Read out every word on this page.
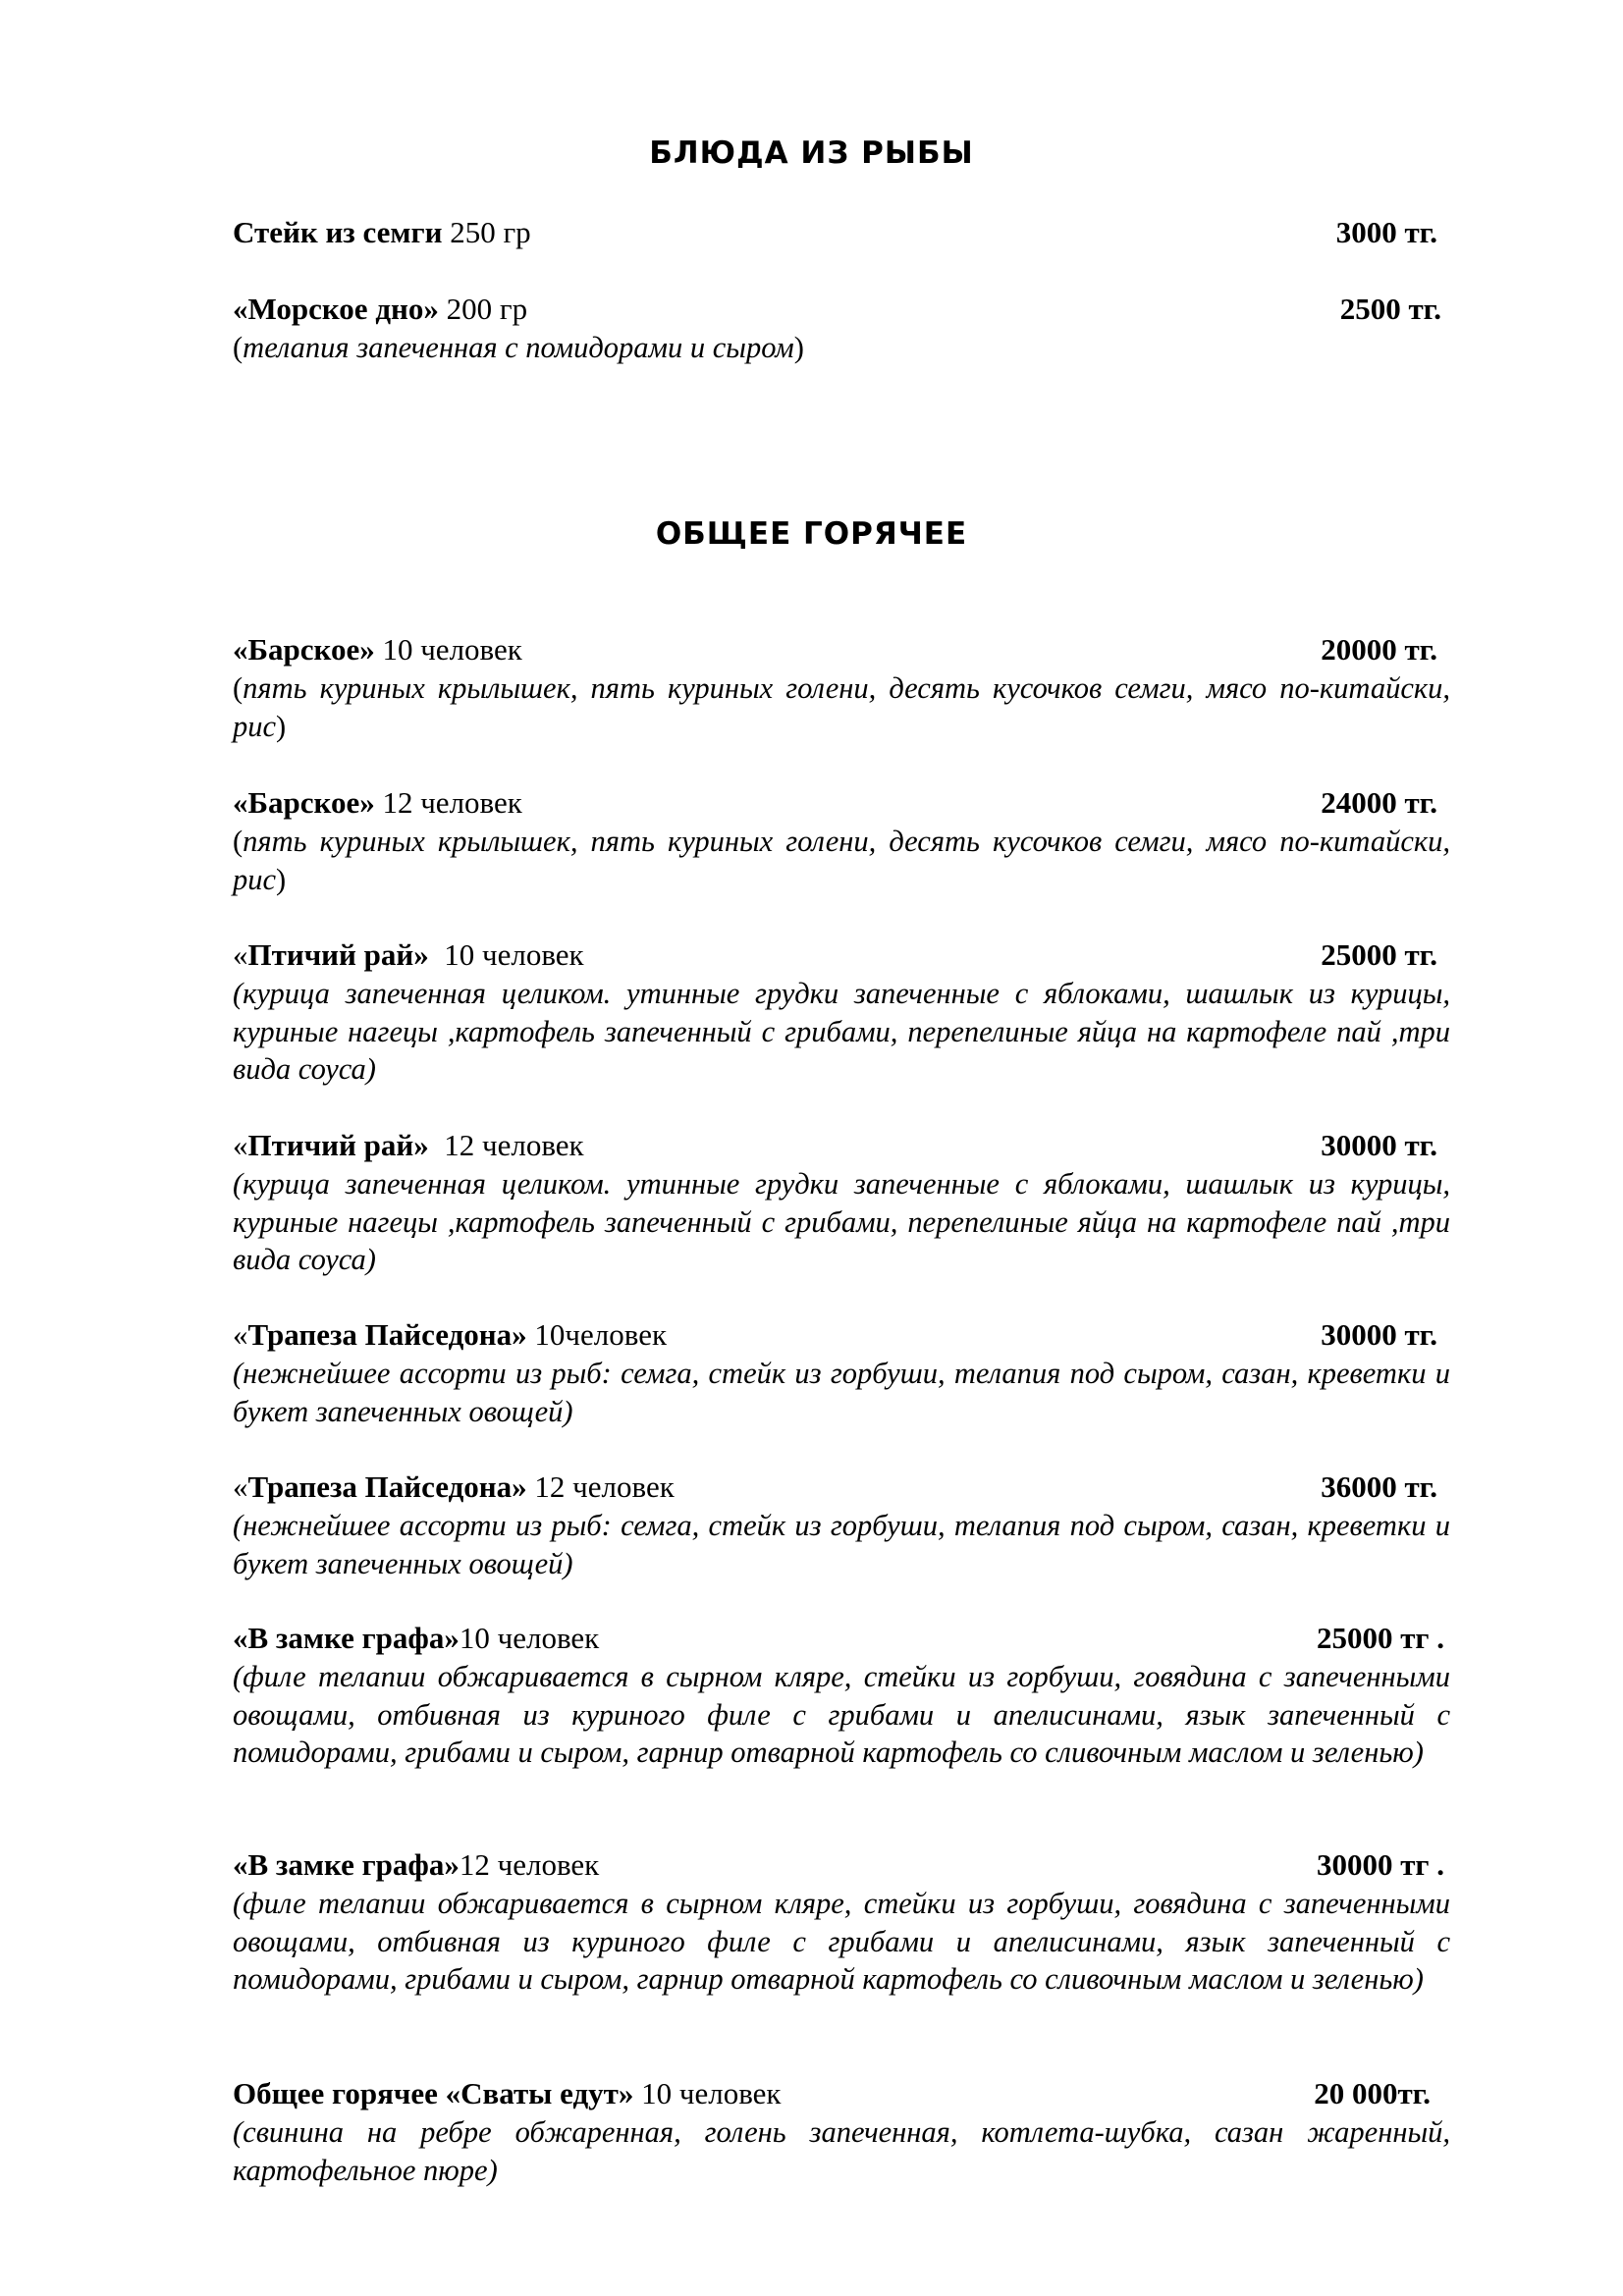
БЛЮДА ИЗ РЫБЫ
Стейк из семги 250 гр	3000 тг.
«Морское дно» 200 гр	2500 тг.

(телапия запеченная с помидорами и сыром)

ОБЩЕЕ ГОРЯЧЕЕ
«Барское» 10 человек	20000 тг.

(пять куриных крылышек, пять куриных голени, десять кусочков семги, мясо по-китайски, рис)

«Барское» 12 человек	24000 тг.

(пять куриных крылышек, пять куриных голени, десять кусочков семги, мясо по-китайски, рис)

«Птичий рай»  10 человек	25000 тг.

(курица запеченная целиком. утинные грудки запеченные с яблоками, шашлык из курицы, куриные нагецы ,картофель запеченный с грибами, перепелиные яйца на картофеле пай ,три вида соуса)

«Птичий рай»  12 человек	30000 тг.

(курица запеченная целиком. утинные грудки запеченные с яблоками, шашлык из курицы, куриные нагецы ,картофель запеченный с грибами, перепелиные яйца на картофеле пай ,три вида соуса)

«Трапеза Пайседона» 10человек	30000 тг.

(нежнейшее ассорти из рыб: семга, стейк из горбуши, телапия под сыром, сазан, креветки и букет запеченных овощей)

«Трапеза Пайседона» 12 человек	36000 тг.

(нежнейшее ассорти из рыб: семга, стейк из горбуши, телапия под сыром, сазан, креветки и букет запеченных овощей)

«В замке графа»10 человек	25000 тг .

(филе телапии обжаривается в сырном кляре, стейки из горбуши, говядина с запеченными овощами, отбивная из куриного филе с грибами и апелисинами, язык запеченный с помидорами, грибами и сыром, гарнир отварной картофель со сливочным маслом и зеленью)

«В замке графа»12 человек	30000 тг .

(филе телапии обжаривается в сырном кляре, стейки из горбуши, говядина с запеченными овощами, отбивная из куриного филе с грибами и апелисинами, язык запеченный с помидорами, грибами и сыром, гарнир отварной картофель со сливочным маслом и зеленью)

Общее горячее «Сваты едут» 10 человек	20 000тг.

(свинина на ребре обжаренная, голень запеченная, котлета-шубка, сазан жаренный, картофельное пюре)
